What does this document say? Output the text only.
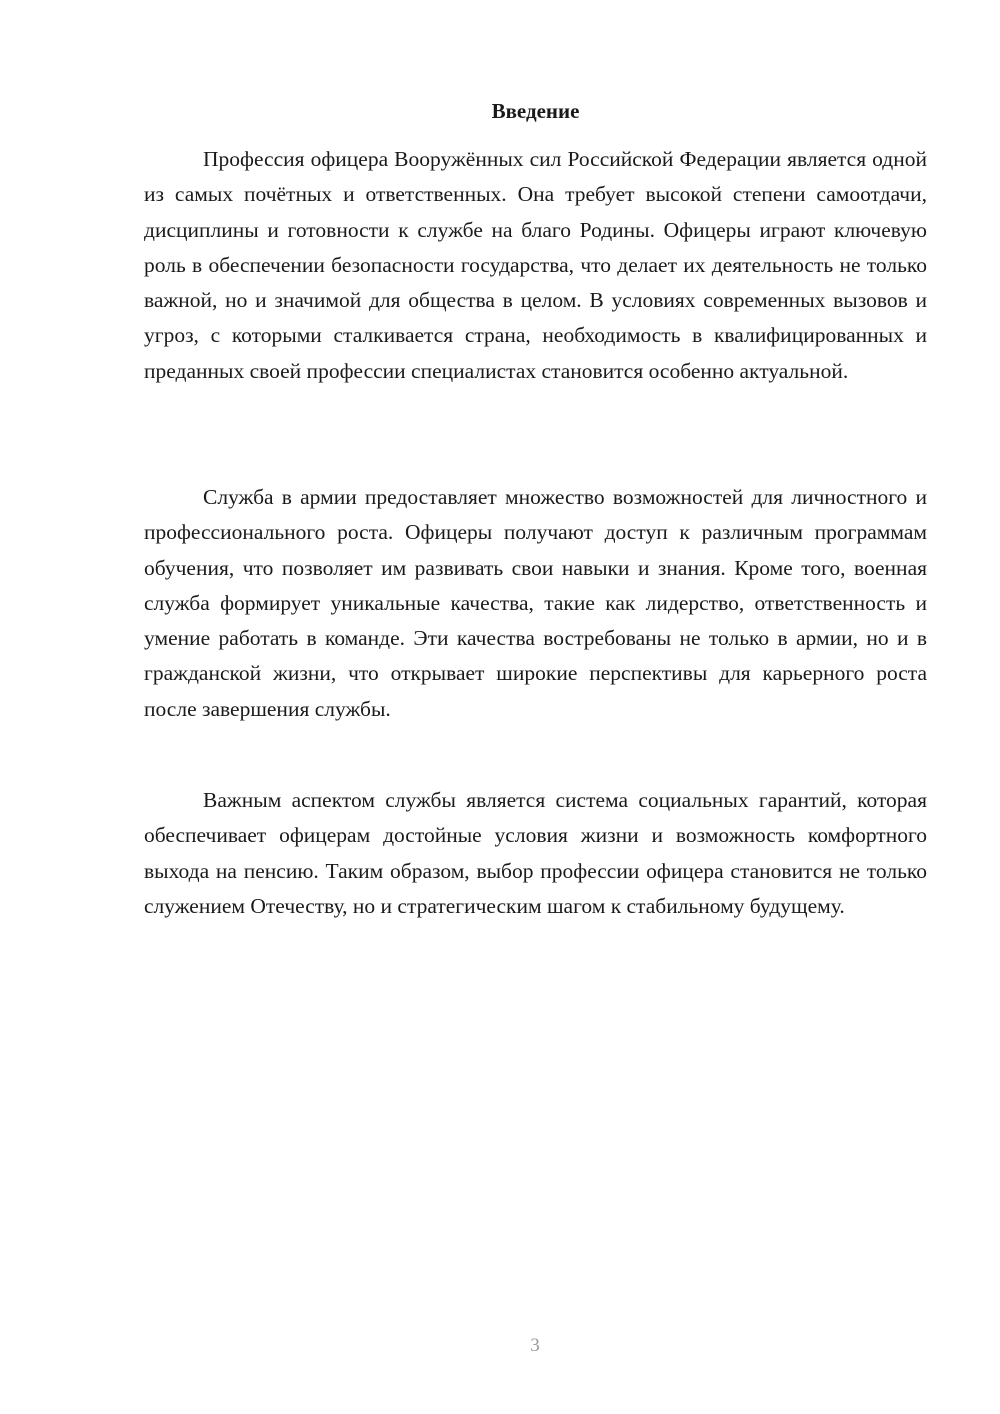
Введение

Профессия офицера Вооружённых сил Российской Федерации является одной из самых почётных и ответственных. Она требует высокой степени самоотдачи, дисциплины и готовности к службе на благо Родины. Офицеры играют ключевую роль в обеспечении безопасности государства, что делает их деятельность не только важной, но и значимой для общества в целом. В условиях современных вызовов и угроз, с которыми сталкивается страна, необходимость в квалифицированных и преданных своей профессии специалистах становится особенно актуальной.

Служба в армии предоставляет множество возможностей для личностного и профессионального роста. Офицеры получают доступ к различным программам обучения, что позволяет им развивать свои навыки и знания. Кроме того, военная служба формирует уникальные качества, такие как лидерство, ответственность и умение работать в команде. Эти качества востребованы не только в армии, но и в гражданской жизни, что открывает широкие перспективы для карьерного роста после завершения службы.

Важным аспектом службы является система социальных гарантий, которая обеспечивает офицерам достойные условия жизни и возможность комфортного выхода на пенсию. Таким образом, выбор профессии офицера становится не только служением Отечеству, но и стратегическим шагом к стабильному будущему.

3
